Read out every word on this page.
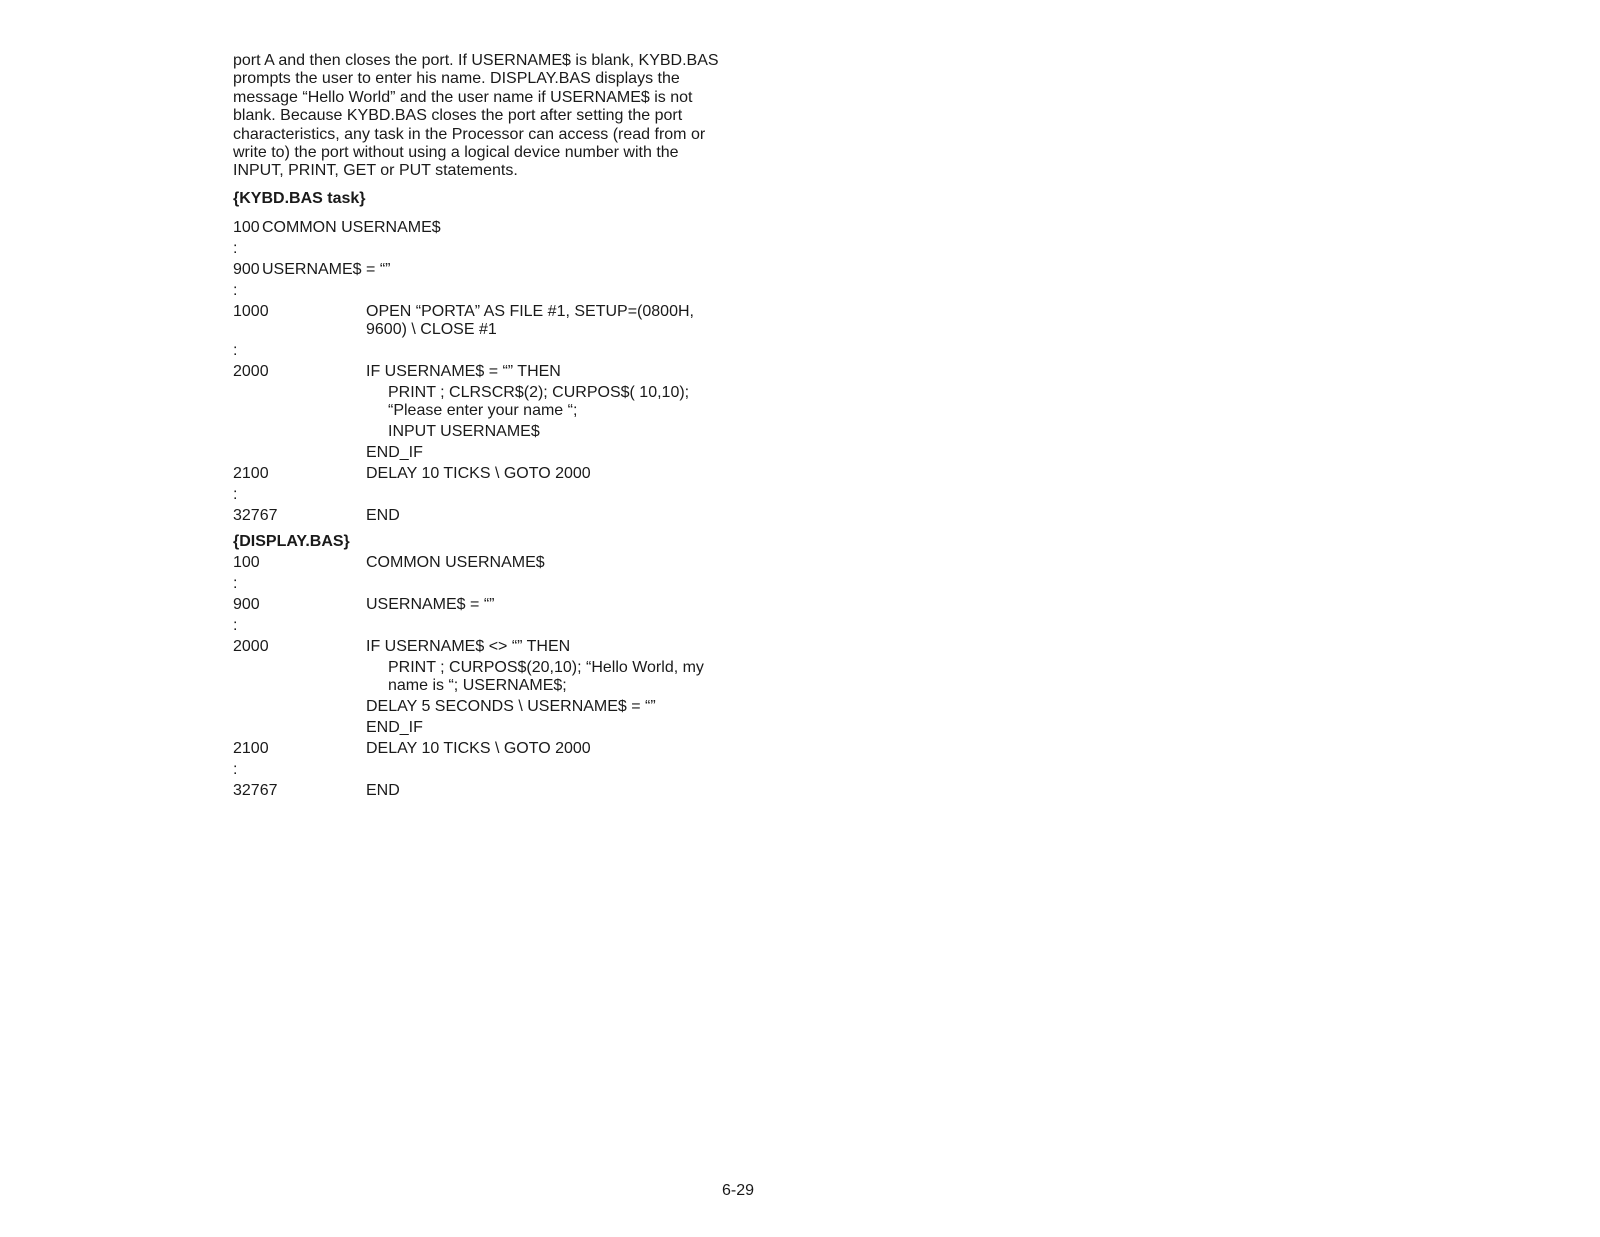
port A and then closes the port. If USERNAME$ is blank, KYBD.BAS
prompts the user to enter his name. DISPLAY.BAS displays the
message “Hello World” and the user name if USERNAME$ is not
blank. Because KYBD.BAS closes the port after setting the port
characteristics, any task in the Processor can access (read from or
write to) the port without using a logical device number with the
INPUT, PRINT, GET or PUT statements.

{KYBD.BAS task}

100 COMMON USERNAME$
:
900 USERNAME$ = “”
:
1000	OPEN “PORTA” AS FILE #1, SETUP=(0800H,
9600) \ CLOSE #1
:
2000	IF USERNAME$ = “” THEN
PRINT ; CLRSCR$(2); CURPOS$( 10,10);
“Please enter your name “;
INPUT USERNAME$
END_IF
2100	DELAY 10 TICKS \ GOTO 2000
:
32767	END

{DISPLAY.BAS}

100	COMMON USERNAME$
:
900	USERNAME$ = “”
:
2000	IF USERNAME$ <> “” THEN
PRINT ; CURPOS$(20,10); “Hello World, my
name is “; USERNAME$;
DELAY 5 SECONDS \ USERNAME$ = “”
END_IF
2100	DELAY 10 TICKS \ GOTO 2000
:
32767	END
6-29
